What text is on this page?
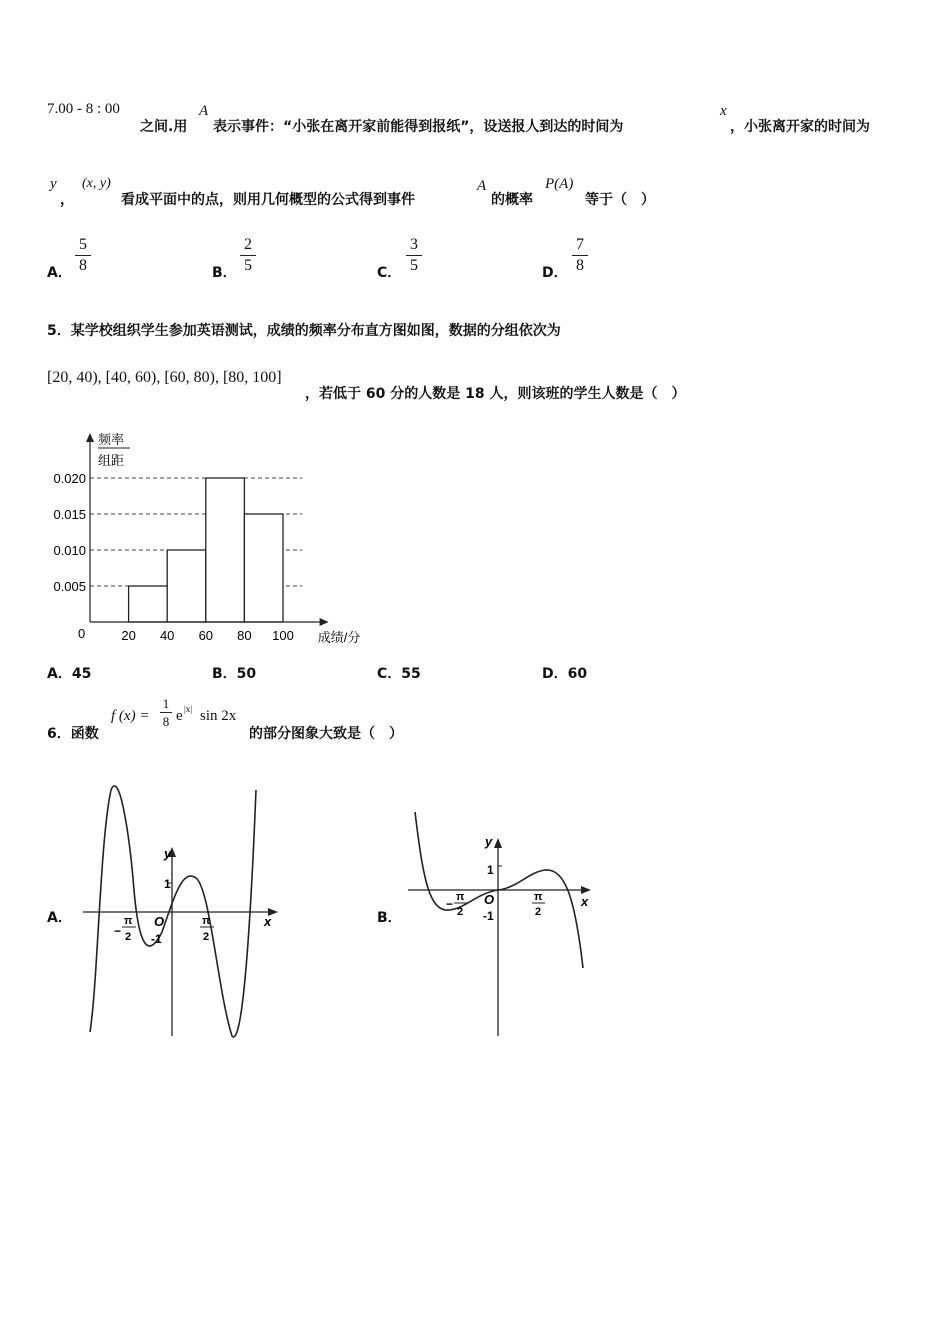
7.00 - 8 : 00
之间.用
A
表示事件：“小张在离开家前能得到报纸”，设送报人到达的时间为
x
，小张离开家的时间为
y
，
(x, y)
看成平面中的点，则用几何概型的公式得到事件
A
的概率
P(A)
等于（　）
A．
5
8	B．
2
5	C．
3
5	D．
7
8
5．某学校组织学生参加英语测试，成绩的频率分布直方图如图，数据的分组依次为
[20, 40), [40, 60), [60, 80), [80, 100]
，若低于 60 分的人数是 18 人，则该班的学生人数是（　）
频率
组距
0.005
0.010
0.015
0.020
20 40 60 80 100
0	成绩/分
A．45	B．50	C．55	D．60
6．函数
f (x) =
1
8 e |x| sin 2x
的部分图象大致是（　）
A．
y
x
O
1
-1
−
π
2
π
2
B．
y
x
O
1
-1
− π
2
π
2
